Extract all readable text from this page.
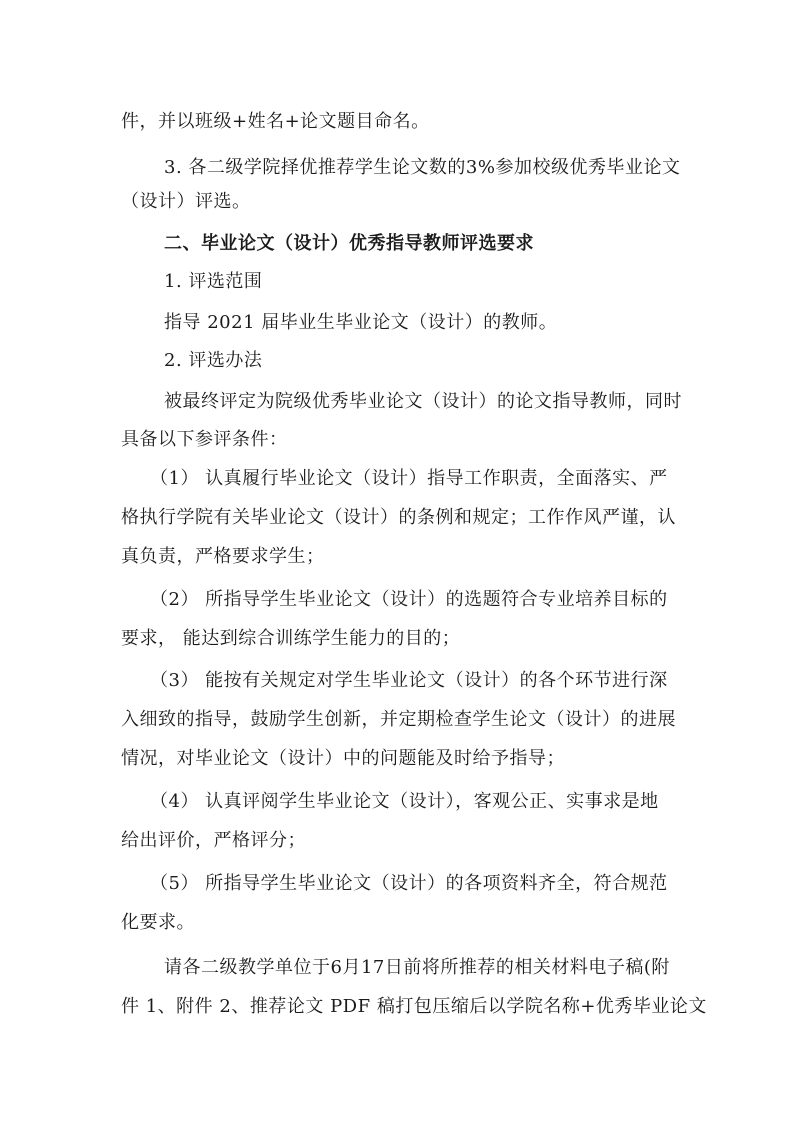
件，并以班级+姓名+论文题目命名。
3. 各二级学院择优推荐学生论文数的3%参加校级优秀毕业论文
（设计）评选。
二、毕业论文（设计）优秀指导教师评选要求
1. 评选范围
指导 2021 届毕业生毕业论文（设计）的教师。
2. 评选办法
被最终评定为院级优秀毕业论文（设计）的论文指导教师，同时
具备以下参评条件：
（1） 认真履行毕业论文（设计）指导工作职责，全面落实、严
格执行学院有关毕业论文（设计）的条例和规定；工作作风严谨，认
真负责，严格要求学生；
（2） 所指导学生毕业论文（设计）的选题符合专业培养目标的
要求， 能达到综合训练学生能力的目的；
（3） 能按有关规定对学生毕业论文（设计）的各个环节进行深
入细致的指导，鼓励学生创新，并定期检查学生论文（设计）的进展
情况，对毕业论文（设计）中的问题能及时给予指导；
（4） 认真评阅学生毕业论文（设计），客观公正、实事求是地
给出评价，严格评分；
（5） 所指导学生毕业论文（设计）的各项资料齐全，符合规范
化要求。
请各二级教学单位于6月17日前将所推荐的相关材料电子稿(附
件 1、附件 2、推荐论文 PDF 稿打包压缩后以学院名称+优秀毕业论文
